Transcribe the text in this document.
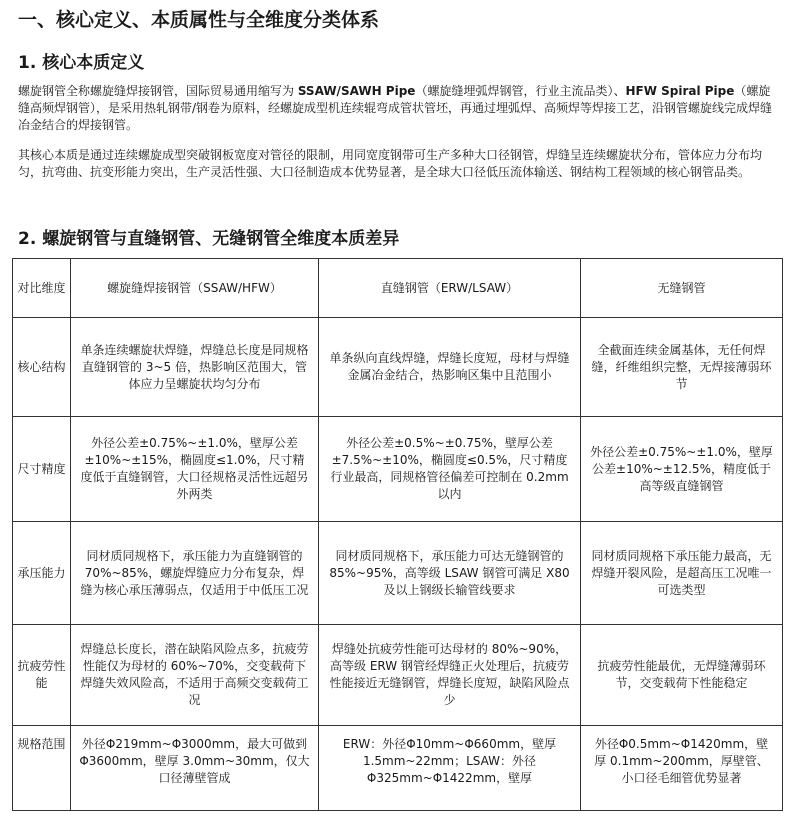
一、核心定义、本质属性与全维度分类体系
1. 核心本质定义
螺旋钢管全称螺旋缝焊接钢管，国际贸易通用缩写为 SSAW/SAWH Pipe（螺旋缝埋弧焊钢管，行业主流品类）、HFW Spiral Pipe（螺旋缝高频焊钢管），是采用热轧钢带/钢卷为原料，经螺旋成型机连续辊弯成管状管坯，再通过埋弧焊、高频焊等焊接工艺，沿钢管螺旋线完成焊缝冶金结合的焊接钢管。
其核心本质是通过连续螺旋成型突破钢板宽度对管径的限制，用同宽度钢带可生产多种大口径钢管，焊缝呈连续螺旋状分布，管体应力分布均匀，抗弯曲、抗变形能力突出，生产灵活性强、大口径制造成本优势显著，是全球大口径低压流体输送、钢结构工程领域的核心钢管品类。
2. 螺旋钢管与直缝钢管、无缝钢管全维度本质差异
对比维度	螺旋缝焊接钢管（SSAW/HFW）	直缝钢管（ERW/LSAW）	无缝钢管
核心结构	单条连续螺旋状焊缝，焊缝总长度是同规格直缝钢管的 3~5 倍，热影响区范围大，管体应力呈螺旋状均匀分布	单条纵向直线焊缝，焊缝长度短，母材与焊缝金属冶金结合，热影响区集中且范围小	全截面连续金属基体，无任何焊缝，纤维组织完整，无焊接薄弱环节
尺寸精度	外径公差±0.75%~±1.0%，壁厚公差±10%~±15%，椭圆度≤1.0%，尺寸精度低于直缝钢管，大口径规格灵活性远超另外两类	外径公差±0.5%~±0.75%，壁厚公差±7.5%~±10%，椭圆度≤0.5%，尺寸精度行业最高，同规格管径偏差可控制在 0.2mm 以内	外径公差±0.75%~±1.0%，壁厚公差±10%~±12.5%，精度低于高等级直缝钢管
承压能力	同材质同规格下，承压能力为直缝钢管的 70%~85%，螺旋焊缝应力分布复杂，焊缝为核心承压薄弱点，仅适用于中低压工况	同材质同规格下，承压能力可达无缝钢管的 85%~95%，高等级 LSAW 钢管可满足 X80 及以上钢级长输管线要求	同材质同规格下承压能力最高，无焊缝开裂风险，是超高压工况唯一可选类型
抗疲劳性能	焊缝总长度长，潜在缺陷风险点多，抗疲劳性能仅为母材的 60%~70%，交变载荷下焊缝失效风险高，不适用于高频交变载荷工况	焊缝处抗疲劳性能可达母材的 80%~90%，高等级 ERW 钢管经焊缝正火处理后，抗疲劳性能接近无缝钢管，焊缝长度短，缺陷风险点少	抗疲劳性能最优，无焊缝薄弱环节，交变载荷下性能稳定
规格范围	外径Φ219mm~Φ3000mm，最大可做到Φ3600mm，壁厚 3.0mm~30mm，仅大口径薄壁管成	ERW：外径Φ10mm~Φ660mm，壁厚 1.5mm~22mm；LSAW：外径 Φ325mm~Φ1422mm，壁厚	外径Φ0.5mm~Φ1420mm，壁厚 0.1mm~200mm，厚壁管、小口径毛细管优势显著
